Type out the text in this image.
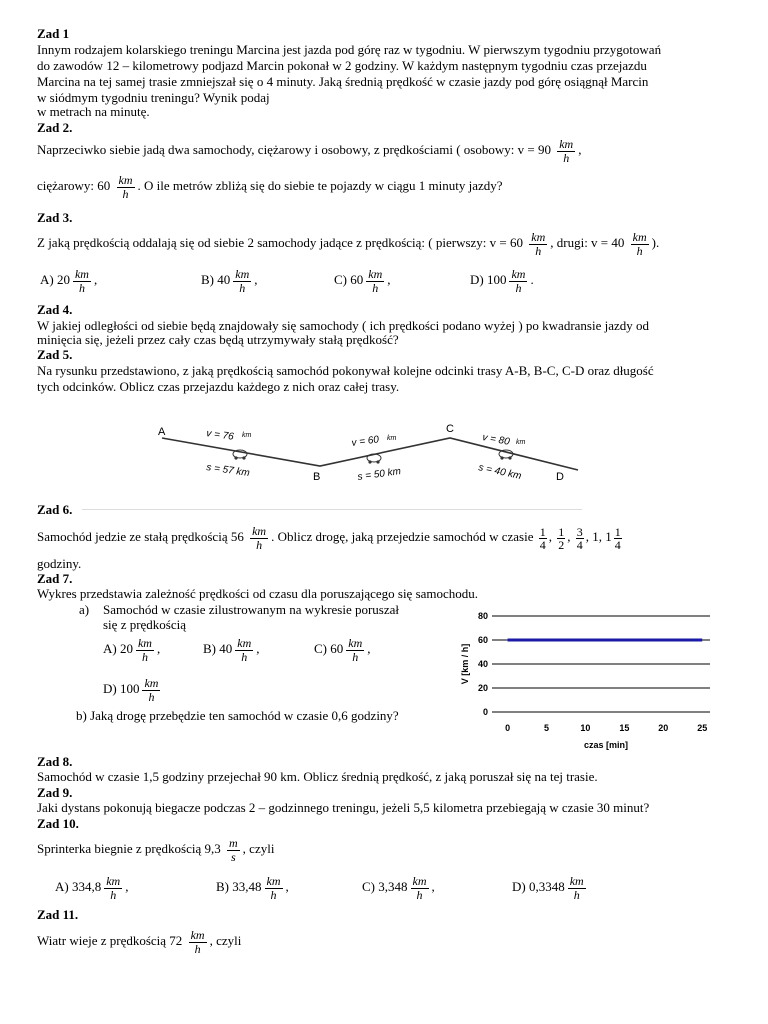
Zad 1
Innym rodzajem kolarskiego treningu Marcina jest jazda pod górę raz w tygodniu. W pierwszym tygodniu przygotowań
do zawodów 12 – kilometrowy podjazd Marcin pokonał w 2 godziny. W każdym następnym tygodniu czas przejazdu
Marcina na tej samej trasie zmniejszał się o 4 minuty. Jaką średnią prędkość w czasie jazdy pod górę osiągnął Marcin
w siódmym tygodniu treningu? Wynik podaj
w metrach na minutę.
Zad 2.
Naprzeciwko siebie jadą dwa samochody, ciężarowy i osobowy, z prędkościami ( osobowy: $v = 90 \frac{km}{h}$ ,
ciężarowy: $60 \frac{km}{h}$ . O ile metrów zbliżą się do siebie te pojazdy w ciągu 1 minuty jazdy?
Zad 3.
Z jaką prędkością oddalają się od siebie 2 samochody jadące z prędkością: ( pierwszy: $v = 60 \frac{km}{h}$ , drugi: $v = 40 \frac{km}{h}$ ).
A) $20 \frac{km}{h}$ ,	B) $40 \frac{km}{h}$ ,	C) $60 \frac{km}{h}$ ,	D) $100 \frac{km}{h}$ .
Zad 4.
W jakiej odległości od siebie będą znajdowały się samochody ( ich prędkości podano wyżej ) po kwadransie jazdy od
minięcia się, jeżeli przez cały czas będą utrzymywały stałą prędkość?
Zad 5.
Na rysunku przedstawiono, z jaką prędkością samochód pokonywał kolejne odcinki trasy A-B, B-C, C-D oraz długość
tych odcinków. Oblicz czas przejazdu każdego z nich oraz całej trasy.
A
B
C
D
v = 76 km
s = 57 km
v = 60 km
s = 50 km
v = 80 km
s = 40 km
Zad 6.
Samochód jedzie ze stałą prędkością $56 \frac{km}{h}$ . Oblicz drogę, jaką przejedzie samochód w czasie $\frac{1}{4}$ , $\frac{1}{2}$ , $\frac{3}{4}$ , 1, $1 \frac{1}{4}$
godziny.
Zad 7.
Wykres przedstawia zależność prędkości od czasu dla poruszającego się samochodu.
a) Samochód w czasie zilustrowanym na wykresie poruszał
się z prędkością
A) $20 \frac{km}{h}$ ,	B) $40 \frac{km}{h}$ ,	C) $60 \frac{km}{h}$ ,
D) $100 \frac{km}{h}$
b) Jaką drogę przebędzie ten samochód w czasie 0,6 godziny?	0
20
40
60
80
0	5	10	15	20	25
V [km / h]
czas [min]
Zad 8.
Samochód w czasie 1,5 godziny przejechał 90 km. Oblicz średnią prędkość, z jaką poruszał się na tej trasie.
Zad 9.
Jaki dystans pokonują biegacze podczas 2 – godzinnego treningu, jeżeli 5,5 kilometra przebiegają w czasie 30 minut?
Zad 10.
Sprinterka biegnie z prędkością $9,3 \frac{m}{s}$ , czyli
A) $334,8 \frac{km}{h}$ ,	B) $33,48 \frac{km}{h}$ ,	C) $3,348 \frac{km}{h}$ ,	D) $0,3348 \frac{km}{h}$
Zad 11.
Wiatr wieje z prędkością $72 \frac{km}{h}$ , czyli
